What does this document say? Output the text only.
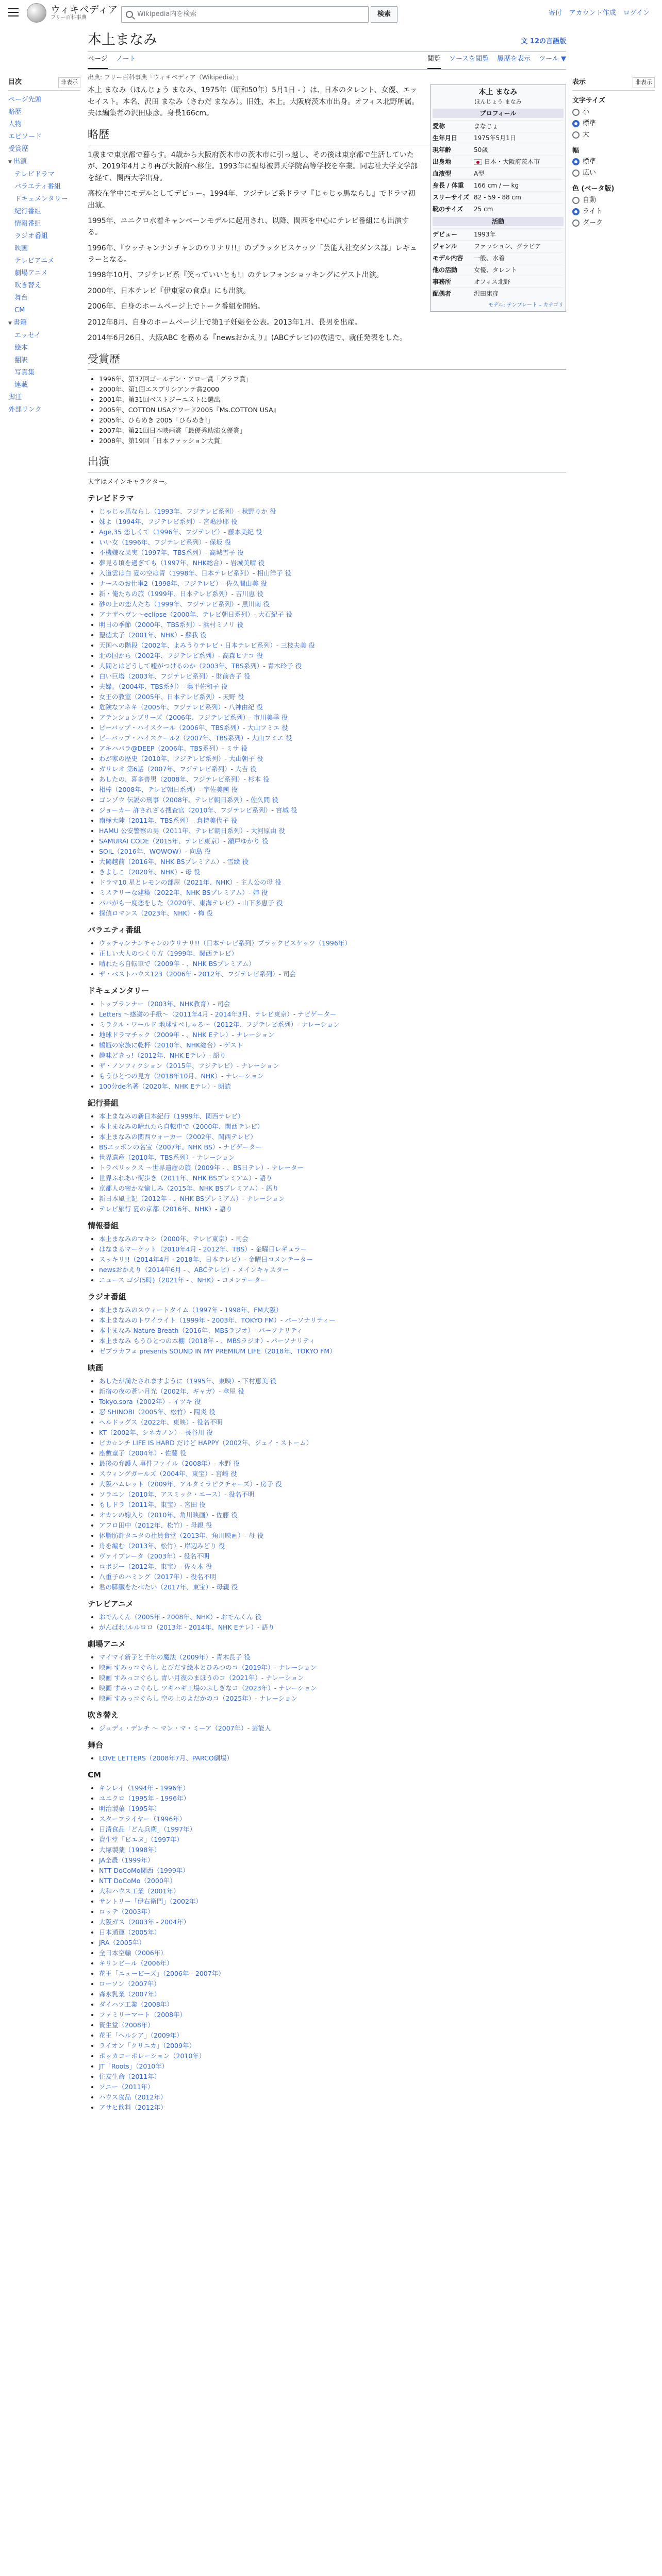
ウィキペディア
フリー百科事典	Wikipedia内を検索	検索	寄付 アカウント作成 ログイン
目次	非表示
ページ先頭
略歴
人物
エピソード
受賞歴
▼ 出演
テレビドラマ
バラエティ番組
ドキュメンタリー
紀行番組
情報番組
ラジオ番組
映画
テレビアニメ
劇場アニメ
吹き替え
舞台
CM
▼ 書籍
エッセイ
絵本
翻訳
写真集
連載
脚注
外部リンク
本上まなみ	文 12の言語版
ページ ノート	閲覧 ソースを閲覧 履歴を表示 ツール ▼
出典: フリー百科事典『ウィキペディア（Wikipedia）』
本上 まなみ
ほんじょう まなみ
プロフィール
愛称	まなじょ
生年月日	1975年5月1日
現年齢	50歳
出身地	日本・大阪府茨木市
血液型	A型
身長 / 体重	166 cm / ― kg
スリーサイズ 82 - 59 - 88 cm
靴のサイズ	25 cm
活動
デビュー	1993年
ジャンル	ファッション、グラビア
モデル内容	一般、水着
他の活動	女優、タレント
事務所	オフィス北野
配偶者	沢田康彦
モデル: テンプレート – カテゴリ

本上 まなみ（ほんじょう まなみ、1975年（昭和50年）5月1日 - ）は、日本のタレント、女優、エッセイスト。本名、沢田 まなみ（さわだ まなみ）。旧姓、本上。大阪府茨木市出身。オフィス北野所属。夫は編集者の沢田康彦。身長166cm。

略歴

1歳まで東京都で暮らす。4歳から大阪府茨木市の茨木市に引っ越し、その後は東京都で生活していたが、2019年4月より再び大阪府へ移住。1993年に聖母被昇天学院高等学校を卒業。同志社大学文学部を経て、関西大学出身。

高校在学中にモデルとしてデビュー。1994年、フジテレビ系ドラマ『じゃじゃ馬ならし』でドラマ初出演。

1995年、ユニクロ水着キャンペーンモデルに起用され、以降、関西を中心にテレビ番組にも出演する。

1996年、『ウッチャンナンチャンのウリナリ!!』のブラックビスケッツ「芸能人社交ダンス部」レギュラーとなる。

1998年10月、フジテレビ系『笑っていいとも!』のテレフォンショッキングにゲスト出演。

2000年、日本テレビ『伊東家の食卓』にも出演。

2006年、自身のホームページ上でトーク番組を開始。

2012年8月、自身のホームページ上で第1子妊娠を公表。2013年1月、長男を出産。

2014年6月26日、大阪ABC を務める『newsおかえり』(ABCテレビ)の放送で、就任発表をした。

受賞歴
• 1996年、第37回ゴールデン・アロー賞「グラフ賞」
• 2000年、第1回エスプリシアンテ賞2000
• 2001年、第31回ベストジーニストに選出
• 2005年、COTTON USAアワード2005『Ms.COTTON USA』
• 2005年、ひらめき 2005「ひらめき!」
• 2007年、第21回日本映画賞「最優秀助演女優賞」
• 2008年、第19回「日本ファッション大賞」
出演
太字はメインキャラクター。
テレビドラマ
• じゃじゃ馬ならし（1993年、フジテレビ系列）- 秋野りか 役
• 妹よ（1994年、フジテレビ系列）- 宮嶋沙耶 役
• Age,35 恋しくて（1996年、フジテレビ）- 藤本美紀 役
• いい女（1996年、フジテレビ系列）- 保坂 役
• 不機嫌な果実（1997年、TBS系列）- 高城雪子 役
• 夢見る頃を過ぎても（1997年、NHK総合）- 岩城美晴 役
• 入道雲は白 夏の空は青（1998年、日本テレビ系列）- 相山洋子 役
• ナースのお仕事2（1998年、フジテレビ）- 佐久間由美 役
• 新・俺たちの旅（1999年、日本テレビ系列）- 吉川恵 役
• 砂の上の恋人たち（1999年、フジテレビ系列）- 黒川南 役
• アナザヘヴン～eclipse（2000年、テレビ朝日系列）- 大石紀子 役
• 明日の季節（2000年、TBS系列）- 浜村ミノリ 役
• 聖徳太子（2001年、NHK）- 蘇我 役
• 天国への階段（2002年、よみうりテレビ・日本テレビ系列）- 三枝夫美 役
• 北の国から（2002年、フジテレビ系列）- 高森ヒナコ 役
• 人間とはどうして嘘がつけるのか（2003年、TBS系列）- 青木玲子 役
• 白い巨塔（2003年、フジテレビ系列）- 財前杏子 役
• 夫婦。（2004年、TBS系列）- 奥平佐和子 役
• 女王の教室（2005年、日本テレビ系列）- 天野 役
• 危険なアネキ（2005年、フジテレビ系列）- 八神由紀 役
• アテンションプリーズ（2006年、フジテレビ系列）- 市川美季 役
• ビーバップ・ハイスクール（2006年、TBS系列）- 大山フミエ 役
• ビーバップ・ハイスクール2（2007年、TBS系列）- 大山フミエ 役
• アキハバラ@DEEP（2006年、TBS系列）- ミサ 役
• わが家の歴史（2010年、フジテレビ系列）- 大山朝子 役
• ガリレオ 第6話（2007年、フジテレビ系列）- 大吉 役
• あしたの、喜多善男（2008年、フジテレビ系列）- 杉本 役
• 相棒（2008年、テレビ朝日系列）- 宇佐美茜 役
• ゴンゾウ 伝説の刑事（2008年、テレビ朝日系列）- 佐久間 役
• ジョーカー 許されざる捜査官（2010年、フジテレビ系列）- 宮城 役
• 南極大陸（2011年、TBS系列）- 倉持美代子 役
• HAMU 公安警察の男（2011年、テレビ朝日系列）- 大河原由 役
• SAMURAI CODE（2015年、テレビ東京）- 瀬戸ゆかり 役
• SOIL（2016年、WOWOW）- 向島 役
• 大岡越前（2016年、NHK BSプレミアム）- 雪絵 役
• きよしこ（2020年、NHK）- 母 役
• ドラマ10 星とレモンの部屋（2021年、NHK）- 主人公の母 役
• ミステリーな建築（2022年、NHK BSプレミアム）- 姉 役
• パパがも一度恋をした（2020年、東海テレビ）- 山下多恵子 役
• 探偵ロマンス（2023年、NHK）- 梅 役
バラエティ番組
• ウッチャンナンチャンのウリナリ!!（日本テレビ系列）ブラックビスケッツ（1996年）
• 正しい大人のつくり方（1999年、関西テレビ）
• 晴れたら自転車で（2009年 - 、NHK BSプレミアム）
• ザ・ベストハウス123（2006年 - 2012年、フジテレビ系列）- 司会
ドキュメンタリー
• トップランナー（2003年、NHK教育）- 司会
• Letters ～感謝の手紙～（2011年4月 - 2014年3月、テレビ東京）- ナビゲーター
• ミラクル・ワールド 地球すぺしゃる～（2012年、フジテレビ系列）- ナレーション
• 地球ドラマチック（2009年 - 、NHK Eテレ）- ナレーション
• 鶴瓶の家族に乾杯（2010年、NHK総合）- ゲスト
• 趣味どきっ!（2012年、NHK Eテレ）- 語り
• ザ・ノンフィクション（2015年、フジテレビ）- ナレーション
• もうひとつの見方（2018年10月、NHK）- ナレーション
• 100分de名著（2020年、NHK Eテレ）- 朗読
紀行番組
• 本上まなみの新日本紀行（1999年、関西テレビ）
• 本上まなみの晴れたら自転車で（2000年、関西テレビ）
• 本上まなみの関西ウォーカー（2002年、関西テレビ）
• BSニッポンの名宝（2007年、NHK BS）- ナビゲーター
• 世界遺産（2010年、TBS系列）- ナレーション
• トラベリックス ～世界遺産の旅（2009年 - 、BS日テレ）- ナレーター
• 世界ふれあい街歩き（2011年、NHK BSプレミアム）- 語り
• 京都人の密かな愉しみ（2015年、NHK BSプレミアム）- 語り
• 新日本風土記（2012年 - 、NHK BSプレミアム）- ナレーション
• テレビ旅行 夏の京都（2016年、NHK）- 語り
情報番組
• 本上まなみのマキシ（2000年、テレビ東京）- 司会
• はなまるマーケット（2010年4月 - 2012年、TBS）- 金曜日レギュラー
• スッキリ!!（2014年4月 - 2018年、日本テレビ）- 金曜日コメンテーター
• newsおかえり（2014年6月 - 、ABCテレビ）- メインキャスター
• ニュース ゴジ(5時)（2021年 - 、NHK）- コメンテーター
ラジオ番組
• 本上まなみのスウィートタイム（1997年 - 1998年、FM大阪）
• 本上まなみのトワイライト（1999年 - 2003年、TOKYO FM）- パーソナリティー
• 本上まなみ Nature Breath（2016年、MBSラジオ）- パーソナリティ
• 本上まなみ もうひとつの本棚（2018年 - 、MBSラジオ）- パーソナリティ
• ゼブラカフェ presents SOUND IN MY PREMIUM LIFE（2018年、TOKYO FM）
映画
• あしたが満たされますように（1995年、東映）- 下村恵美 役
• 新宿の夜の蒼い月光（2002年、ギャガ）- 傘屋 役
• Tokyo.sora（2002年）- イツキ 役
• 忍 SHINOBI（2005年、松竹）- 陽炎 役
• ヘルドッグス（2022年、東映）- 役名不明
• KT（2002年、シネカノン）- 長谷川 役
• ピカ☆ンチ LIFE IS HARD だけど HAPPY（2002年、ジェイ・ストーム）
• 座敷童子（2004年）- 佐藤 役
• 最後の弁護人 事件ファイル（2008年）- 水野 役
• スウィングガールズ（2004年、東宝）- 宮崎 役
• 大阪ハムレット（2009年、アルタミラピクチャーズ）- 房子 役
• ソラニン（2010年、アスミック・エース）- 役名不明
• もしドラ（2011年、東宝）- 宮田 役
• オカンの嫁入り（2010年、角川映画）- 佐藤 役
• アフロ田中（2012年、松竹）- 母親 役
• 体脂肪計タニタの社員食堂（2013年、角川映画）- 母 役
• 舟を編む（2013年、松竹）- 岸辺みどり 役
• ヴァイブレータ（2003年）- 役名不明
• ロボジー（2012年、東宝）- 佐々木 役
• 八重子のハミング（2017年）- 役名不明
• 君の膵臓をたべたい（2017年、東宝）- 母親 役
テレビアニメ
• おでんくん（2005年 - 2008年、NHK）- おでんくん 役
• がんばれ!ルルロロ（2013年 - 2014年、NHK Eテレ）- 語り
劇場アニメ
• マイマイ新子と千年の魔法（2009年）- 青木長子 役
• 映画 すみっコぐらし とびだす絵本とひみつのコ（2019年）- ナレーション
• 映画 すみっコぐらし 青い月夜のまほうのコ（2021年）- ナレーション
• 映画 すみっコぐらし ツギハギ工場のふしぎなコ（2023年）- ナレーション
• 映画 すみっコぐらし 空の上のよだかのコ（2025年）- ナレーション
吹き替え
• ジュディ・デンチ ～ マン・マ・ミーア（2007年）- 芸能人
舞台
• LOVE LETTERS（2008年7月、PARCO劇場）
CM
• キンレイ（1994年 - 1996年）
• ユニクロ（1995年 - 1996年）
• 明治製菓（1995年）
• スターフライヤー（1996年）
• 日清食品「どん兵衛」（1997年）
• 資生堂「ピエヌ」（1997年）
• 大塚製薬（1998年）
• JA全農（1999年）
• NTT DoCoMo関西（1999年）
• NTT DoCoMo（2000年）
• 大和ハウス工業（2001年）
• サントリー「伊右衛門」（2002年）
• ロッテ（2003年）
• 大阪ガス（2003年 - 2004年）
• 日本通運（2005年）
• JRA（2005年）
• 全日本空輸（2006年）
• キリンビール（2006年）
• 花王「ニュービーズ」（2006年 - 2007年）
• ローソン（2007年）
• 森永乳業（2007年）
• ダイハツ工業（2008年）
• ファミリーマート（2008年）
• 資生堂（2008年）
• 花王「ヘルシア」（2009年）
• ライオン「クリニカ」（2009年）
• ポッカコーポレーション（2010年）
• JT「Roots」（2010年）
• 住友生命（2011年）
• ソニー（2011年）
• ハウス食品（2012年）
• アサヒ飲料（2012年）
表示	非表示
文字サイズ
小
標準
大
幅
標準
広い
色 (ベータ版)
自動
ライト
ダーク
